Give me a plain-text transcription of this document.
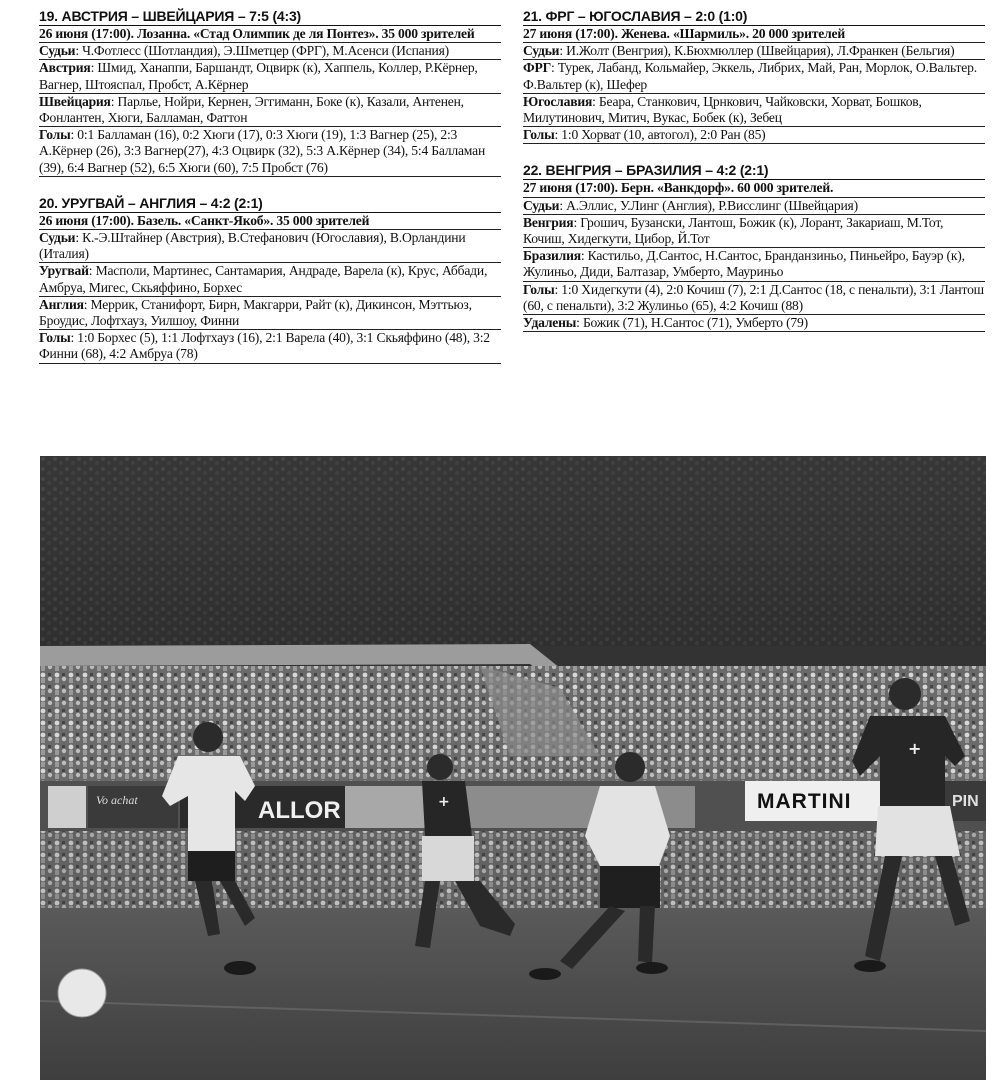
19. АВСТРИЯ – ШВЕЙЦАРИЯ – 7:5 (4:3)
26 июня (17:00). Лозанна. «Стад Олимпик де ля Понтез». 35 000 зрителей
Судьи: Ч.Фотлесс (Шотландия), Э.Шметцер (ФРГ), М.Асенси (Испания)
Австрия: Шмид, Ханаппи, Баршандт, Оцвирк (к), Хаппель, Коллер, Р.Кёрнер, Вагнер, Штояспал, Пробст, А.Кёрнер
Швейцария: Парлье, Нойри, Кернен, Эггиманн, Боке (к), Казали, Антенен, Фонлантен, Хюги, Балламан, Фаттон
Голы: 0:1 Балламан (16), 0:2 Хюги (17), 0:3 Хюги (19), 1:3 Вагнер (25), 2:3 А.Кёрнер (26), 3:3 Вагнер(27), 4:3 Оцвирк (32), 5:3 А.Кёрнер (34), 5:4 Балламан (39), 6:4 Вагнер (52), 6:5 Хюги (60), 7:5 Пробст (76)
20. УРУГВАЙ – АНГЛИЯ – 4:2 (2:1)
26 июня (17:00). Базель. «Санкт-Якоб». 35 000 зрителей
Судьи: К.-Э.Штайнер (Австрия), В.Стефанович (Югославия), В.Орландини (Италия)
Уругвай: Масполи, Мартинес, Сантамария, Андраде, Варела (к), Крус, Аббади, Амбруа, Мигес, Скьяффино, Борхес
Англия: Меррик, Станифорт, Бирн, Макгарри, Райт (к), Дикинсон, Мэттьюз, Броудис, Лофтхауз, Уилшоу, Финни
Голы: 1:0 Борхес (5), 1:1 Лофтхауз (16), 2:1 Варела (40), 3:1 Скьяффино (48), 3:2 Финни (68), 4:2 Амбруа (78)
21. ФРГ – ЮГОСЛАВИЯ – 2:0 (1:0)
27 июня (17:00). Женева. «Шармиль». 20 000 зрителей
Судьи: И.Жолт (Венгрия), К.Бюхмюллер (Швейцария), Л.Франкен (Бельгия)
ФРГ: Турек, Лабанд, Кольмайер, Эккель, Либрих, Май, Ран, Морлок, О.Вальтер. Ф.Вальтер (к), Шефер
Югославия: Беара, Станкович, Црнкович, Чайковски, Хорват, Бошков, Милутинович, Митич, Вукас, Бобек (к), Зебец
Голы: 1:0 Хорват (10, автогол), 2:0 Ран (85)
22. ВЕНГРИЯ – БРАЗИЛИЯ – 4:2 (2:1)
27 июня (17:00). Берн. «Ванкдорф». 60 000 зрителей.
Судьи: А.Эллис, У.Линг (Англия), Р.Висслинг (Швейцария)
Венгрия: Грошич, Бузански, Лантош, Божик (к), Лорант, Закариаш, М.Тот, Кочиш, Хидегкути, Цибор, Й.Тот
Бразилия: Кастильо, Д.Сантос, Н.Сантос, Бранданзиньо, Пиньейро, Бауэр (к), Жулиньо, Диди, Балтазар, Умберто, Мауриньо
Голы: 1:0 Хидегкути (4), 2:0 Кочиш (7), 2:1 Д.Сантос (18, с пенальти), 3:1 Лантош (60, с пенальти), 3:2 Жулиньо (65), 4:2 Кочиш (88)
Удалены: Божик (71), Н.Сантос (71), Умберто (79)
Vo achat	ALLOR	MARTINI	PIN
+
+
